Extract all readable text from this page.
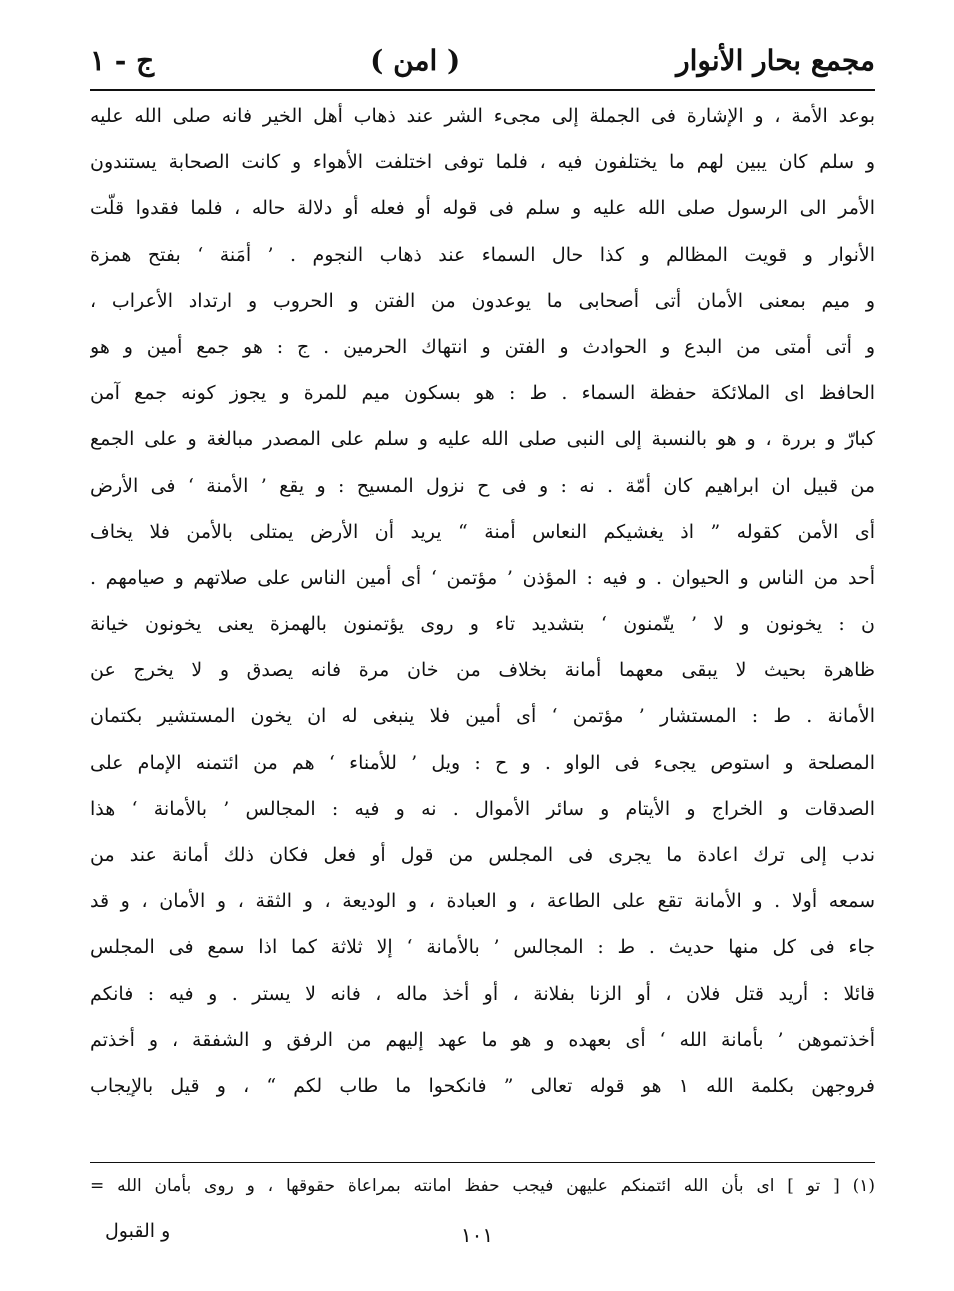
مجمع بحار الأنوار
( امن )
ج - ١
بوعد الأمة ، و الإشارة فى الجملة إلى مجىء الشر عند ذهاب أهل الخير فانه صلى الله عليه
و سلم كان يبين لهم ما يختلفون فيه ، فلما توفى اختلفت الأهواء و كانت الصحابة يستندون
الأمر الى الرسول صلى الله عليه و سلم فى قوله أو فعله أو دلالة حاله ، فلما فقدوا قلّت
الأنوار و قويت المظالم و كذا حال السماء عند ذهاب النجوم . ’ أمَنة ‘ بفتح همزة
و ميم بمعنى الأمان أتى أصحابى ما يوعدون من الفتن و الحروب و ارتداد الأعراب ،
و أتى أمتى من البدع و الحوادث و الفتن و انتهاك الحرمين . ج : هو جمع أمين و هو
الحافظ اى الملائكة حفظة السماء . ط : هو بسكون ميم للمرة و يجوز كونه جمع آمن
كبارّ و بررة ، و هو بالنسبة إلى النبى صلى الله عليه و سلم على المصدر مبالغة و على الجمع
من قبيل ان ابراهيم كان أمّة . نه : و فى ح نزول المسيح : و يقع ’ الأمنة ‘ فى الأرض
أى الأمن كقوله ” اذ يغشيكم النعاس أمنة “ يريد أن الأرض يمتلى بالأمن فلا يخاف
أحد من الناس و الحيوان . و فيه : المؤذن ’ مؤتمن ‘ أى أمين الناس على صلاتهم و صيامهم .
ن : يخونون و لا ’ يتّمنون ‘ بتشديد تاء و روى يؤتمنون بالهمزة يعنى يخونون خيانة
ظاهرة بحيث لا يبقى معهما أمانة بخلاف من خان مرة فانه يصدق و لا يخرج عن
الأمانة . ط : المستشار ’ مؤتمن ‘ أى أمين فلا ينبغى له ان يخون المستشير بكتمان
المصلحة و استوص يجىء فى الواو . و ح : ويل ’ للأمناء ‘ هم من ائتمنه الإمام على
الصدقات و الخراج و الأيتام و سائر الأموال . نه و فيه : المجالس ’ بالأمانة ‘ هذا
ندب إلى ترك اعادة ما يجرى فى المجلس من قول أو فعل فكان ذلك أمانة عند من
سمعه أولا . و الأمانة تقع على الطاعة ، و العبادة ، و الوديعة ، و الثقة ، و الأمان ، و قد
جاء فى كل منها حديث . ط : المجالس ’ بالأمانة ‘ إلا ثلاثة كما اذا سمع فى المجلس
قائلا : أريد قتل فلان ، أو الزنا بفلانة ، أو أخذ ماله ، فانه لا يستر . و فيه : فانكم
أخذتموهن ’ بأمانة الله ‘ أى بعهده و هو ما عهد إليهم من الرفق و الشفقة ، و أخذتم
فروجهن بكلمة الله ١ هو قوله تعالى ” فانكحوا ما طاب لكم “ ، و قيل بالإيجاب
(١) [ تو ] اى بأن الله ائتمنكم عليهن فيجب حفظ امانته بمراعاة حقوقها ، و روى بأمان الله =
١٠١
و القبول
